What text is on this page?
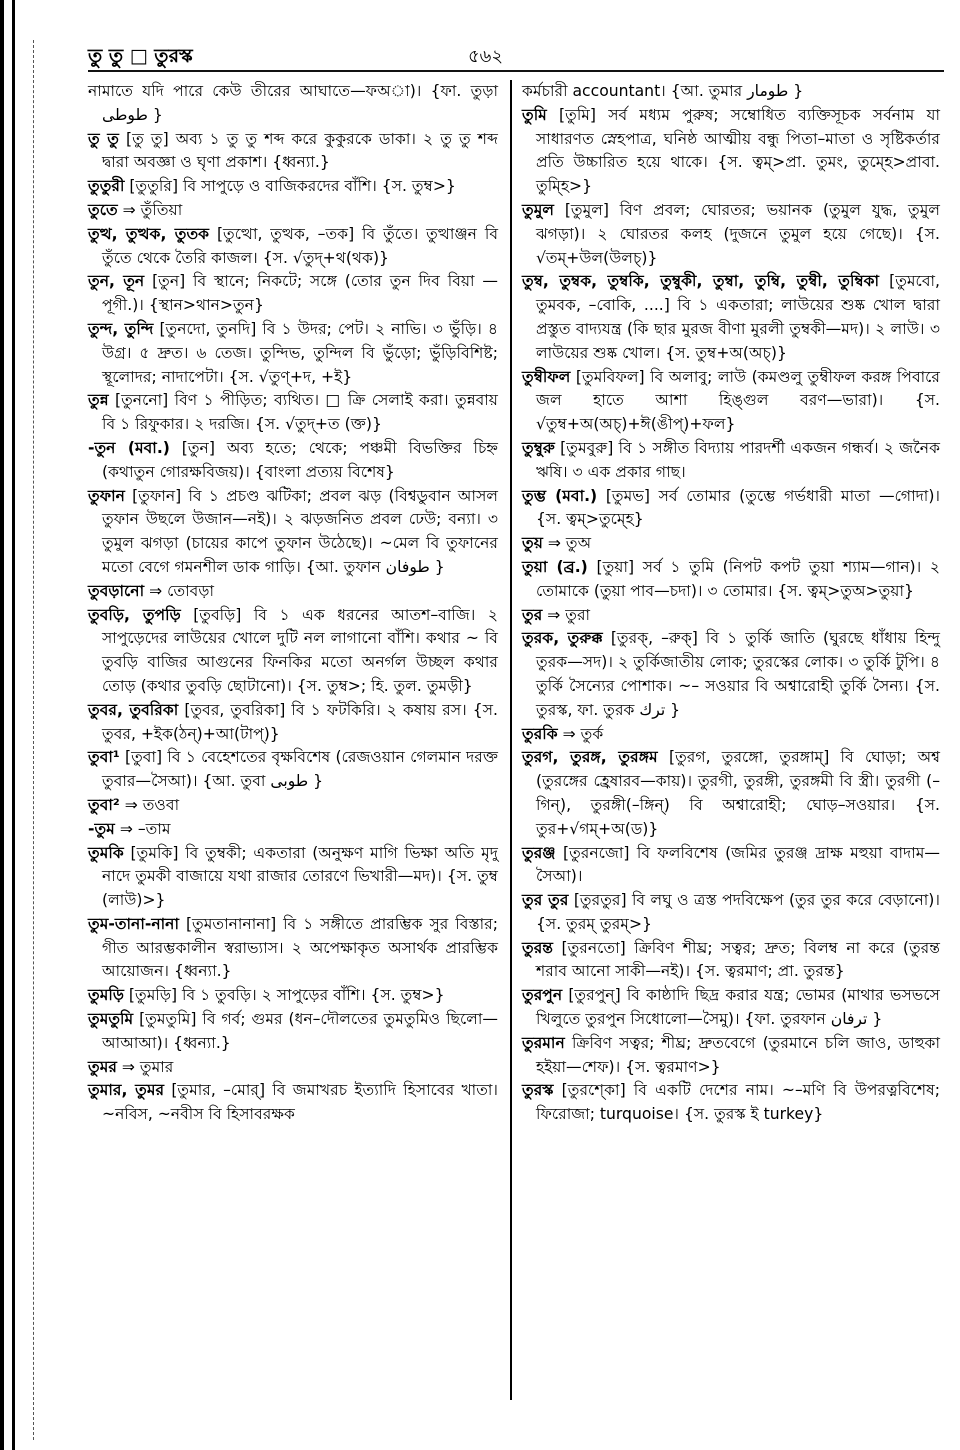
তু তু □ তুরস্ক	৫৬২
নামাতে যদি পারে কেউ তীরের আঘাতে—ফঅা)। {ফা. তুড়া طوطی }
তু তু [তু তু] অব্য ১ তু তু শব্দ করে কুকুরকে ডাকা। ২ তু তু শব্দ দ্বারা অবজ্ঞা ও ঘৃণা প্রকাশ। {ধ্বন্যা.}
তুতুরী [তুতুরি] বি সাপুড়ে ও বাজিকরদের বাঁশি। {স. তুম্ব>}
তুতে ⇒ তুঁতিয়া
তুত্থ, তুত্থক, তুতক [তুত্থো, তুত্থক, –তক] বি তুঁতে। তুত্থাঞ্জন বি তুঁতে থেকে তৈরি কাজল। {স. √তুদ্+থ(থক)}
তুন, তূন [তুন] বি স্থানে; নিকটে; সঙ্গে (তোর তুন দিব বিয়া —পূগী.)। {স্থান>থান>তুন}
তুন্দ, তুন্দি [তুনদো, তুনদি] বি ১ উদর; পেট। ২ নাভি। ৩ ভুঁড়ি। ৪ উগ্র। ৫ দ্রুত। ৬ তেজ। তুন্দিভ, তুন্দিল বি ভুঁড়ো; ভুঁড়িবিশিষ্ট; স্থূলোদর; নাদাপেটা। {স. √তুণ্+দ, +ই}
তুন্ন [তুননো] বিণ ১ পীড়িত; ব্যথিত। □ ক্রি সেলাই করা। তুন্নবায় বি ১ রিফুকার। ২ দরজি। {স. √তুদ্+ত (ক্ত)}
-তুন (মবা.) [তুন] অব্য হতে; থেকে; পঞ্চমী বিভক্তির চিহ্ন (কথাতুন গোরক্ষবিজয়)। {বাংলা প্রত্যয় বিশেষ}
তুফান [তুফান] বি ১ প্রচণ্ড ঝটিকা; প্রবল ঝড় (বিশ্বডুবান আসল তুফান উছলে উজান—নই)। ২ ঝড়জনিত প্রবল ঢেউ; বন্যা। ৩ তুমুল ঝগড়া (চায়ের কাপে তুফান উঠেছে)। ~মেল বি তুফানের মতো বেগে গমনশীল ডাক গাড়ি। {আ. তুফান طوفان }
তুবড়ানো ⇒ তোবড়া
তুবড়ি, তুপড়ি [তুবড়ি] বি ১ এক ধরনের আতশ–বাজি। ২ সাপুড়েদের লাউয়ের খোলে দুটি নল লাগানো বাঁশি। কথার ~ বি তুবড়ি বাজির আগুনের ফিনকির মতো অনর্গল উচ্ছল কথার তোড় (কথার তুবড়ি ছোটানো)। {স. তুম্ব>; হি. তুল. তুমড়ী}
তুবর, তুবরিকা [তুবর, তুবরিকা] বি ১ ফটকিরি। ২ কষায় রস। {স. তুবর, +ইক(ঠন্)+আ(টাপ্)}
তুবা¹ [তুবা] বি ১ বেহেশতের বৃক্ষবিশেষ (রেজওয়ান গেলমান দরক্ত তুবার—সৈআ)। {আ. তুবা طوبی }
তুবা² ⇒ তওবা
-তুম ⇒ –তাম
তুমকি [তুমকি] বি তুম্বকী; একতারা (অনুক্ষণ মাগি ভিক্ষা অতি মৃদু নাদে তুমকী বাজায়ে যথা রাজার তোরণে ভিখারী—মদ)। {স. তুম্ব (লাউ)>}
তুম-তানা-নানা [তুমতানানানা] বি ১ সঙ্গীতে প্রারম্ভিক সুর বিস্তার; গীত আরম্ভকালীন স্বরাভ্যাস। ২ অপেক্ষাকৃত অসার্থক প্রারম্ভিক আয়োজন। {ধ্বন্যা.}
তুমড়ি [তুমড়ি] বি ১ তুবড়ি। ২ সাপুড়ের বাঁশি। {স. তুম্ব>}
তুমতুমি [তুমতুমি] বি গর্ব; গুমর (ধন–দৌলতের তুমতুমিও ছিলো— আআআ)। {ধ্বন্যা.}
তুমর ⇒ তুমার
তুমার, তুমর [তুমার, –মোর্] বি জমাখরচ ইত্যাদি হিসাবের খাতা। ~নবিস, ~নবীস বি হিসাবরক্ষক
কর্মচারী accountant। {আ. তুমার طومار }
তুমি [তুমি] সর্ব মধ্যম পুরুষ; সম্বোধিত ব্যক্তিসূচক সর্বনাম যা সাধারণত স্নেহপাত্র, ঘনিষ্ঠ আত্মীয় বন্ধু পিতা–মাতা ও সৃষ্টিকর্তার প্রতি উচ্চারিত হয়ে থাকে। {স. ত্বম্>প্রা. তুমং, তুম্হে>প্রাবা. তুম্হি>}
তুমুল [তুমুল] বিণ প্রবল; ঘোরতর; ভয়ানক (তুমুল যুদ্ধ, তুমুল ঝগড়া)। ২ ঘোরতর কলহ (দুজনে তুমুল হয়ে গেছে)। {স. √তম্+উল(উলচ্)}
তুম্ব, তুম্বক, তুম্বকি, তুম্বুকী, তুম্বা, তুম্বি, তুম্বী, তুম্বিকা [তুমবো, তুমবক, –বোকি, ....] বি ১ একতারা; লাউয়ের শুষ্ক খোল দ্বারা প্রস্তুত বাদ্যযন্ত্র (কি ছার মুরজ বীণা মুরলী তুম্বকী—মদ)। ২ লাউ। ৩ লাউয়ের শুষ্ক খোল। {স. তুম্ব+অ(অচ্)}
তুম্বীফল [তুমবিফল] বি অলাবু; লাউ (কমণ্ডলু তুম্বীফল করঙ্গ পিবারে জল হাতে আশা হিঙ্গুল বরণ—ভারা)। {স. √তুম্ব+অ(অচ্)+ঈ(ঙীপ্)+ফল}
তুম্বুরু [তুমবুরু] বি ১ সঙ্গীত বিদ্যায় পারদর্শী একজন গন্ধর্ব। ২ জনৈক ঋষি। ৩ এক প্রকার গাছ।
তুম্ভ (মবা.) [তুমভ] সর্ব তোমার (তুম্ভে গর্ভধারী মাতা —গোদা)। {স. ত্বম্>তুম্হে}
তুয় ⇒ তুঅ
তুয়া (ব্র.) [তুয়া] সর্ব ১ তুমি (নিপট কপট তুয়া শ্যাম—গান)। ২ তোমাকে (তুয়া পাব—চদা)। ৩ তোমার। {স. ত্বম্>তুঅ>তুয়া}
তুর ⇒ তুরা
তুরক, তুরুক্ক [তুরক্, –রুক্] বি ১ তুর্কি জাতি (ঘুরছে ধাঁধায় হিন্দু তুরক—সদ)। ২ তুর্কিজাতীয় লোক; তুরস্কের লোক। ৩ তুর্কি টুপি। ৪ তুর্কি সৈন্যের পোশাক। ~– সওয়ার বি অশ্বারোহী তুর্কি সৈন্য। {স. তুরস্ক, ফা. তুরক ترك }
তুরকি ⇒ তুর্ক
তুরগ, তুরঙ্গ, তুরঙ্গম [তুরগ, তুরঙ্গো, তুরঙ্গাম্] বি ঘোড়া; অশ্ব (তুরঙ্গের হ্রেষারব—কায়)। তুরগী, তুরঙ্গী, তুরঙ্গমী বি স্ত্রী। তুরগী (–গিন্), তুরঙ্গী(–ঙ্গিন্) বি অশ্বারোহী; ঘোড়–সওয়ার। {স. তুর+√গম্+অ(ড)}
তুরঞ্জ [তুরনজো] বি ফলবিশেষ (জমির তুরঞ্জ দ্রাক্ষ মহুয়া বাদাম—সৈআ)।
তুর তুর [তুরতুর] বি লঘু ও ত্রস্ত পদবিক্ষেপ (তুর তুর করে বেড়ানো)। {স. তুরম্ তুরম্>}
তুরন্ত [তুরনতো] ক্রিবিণ শীঘ্র; সত্বর; দ্রুত; বিলম্ব না করে (তুরন্ত শরাব আনো সাকী—নই)। {স. ত্বরমাণ; প্রা. তুরন্ত}
তুরপুন [তুরপুন্] বি কাষ্ঠাদি ছিদ্র করার যন্ত্র; ভোমর (মাথার ভসভসে খিলুতে তুরপুন সিধোলো—সৈমু)। {ফা. তুরফান ترفان }
তুরমান ক্রিবিণ সত্বর; শীঘ্র; দ্রুতবেগে (তুরমানে চলি জাও, ডাহুকা হইয়া—শেফ)। {স. ত্বরমাণ>}
তুরস্ক [তুরশ্কো] বি একটি দেশের নাম। ~–মণি বি উপরত্নবিশেষ; ফিরোজা; turquoise। {স. তুরস্ক ই turkey}
